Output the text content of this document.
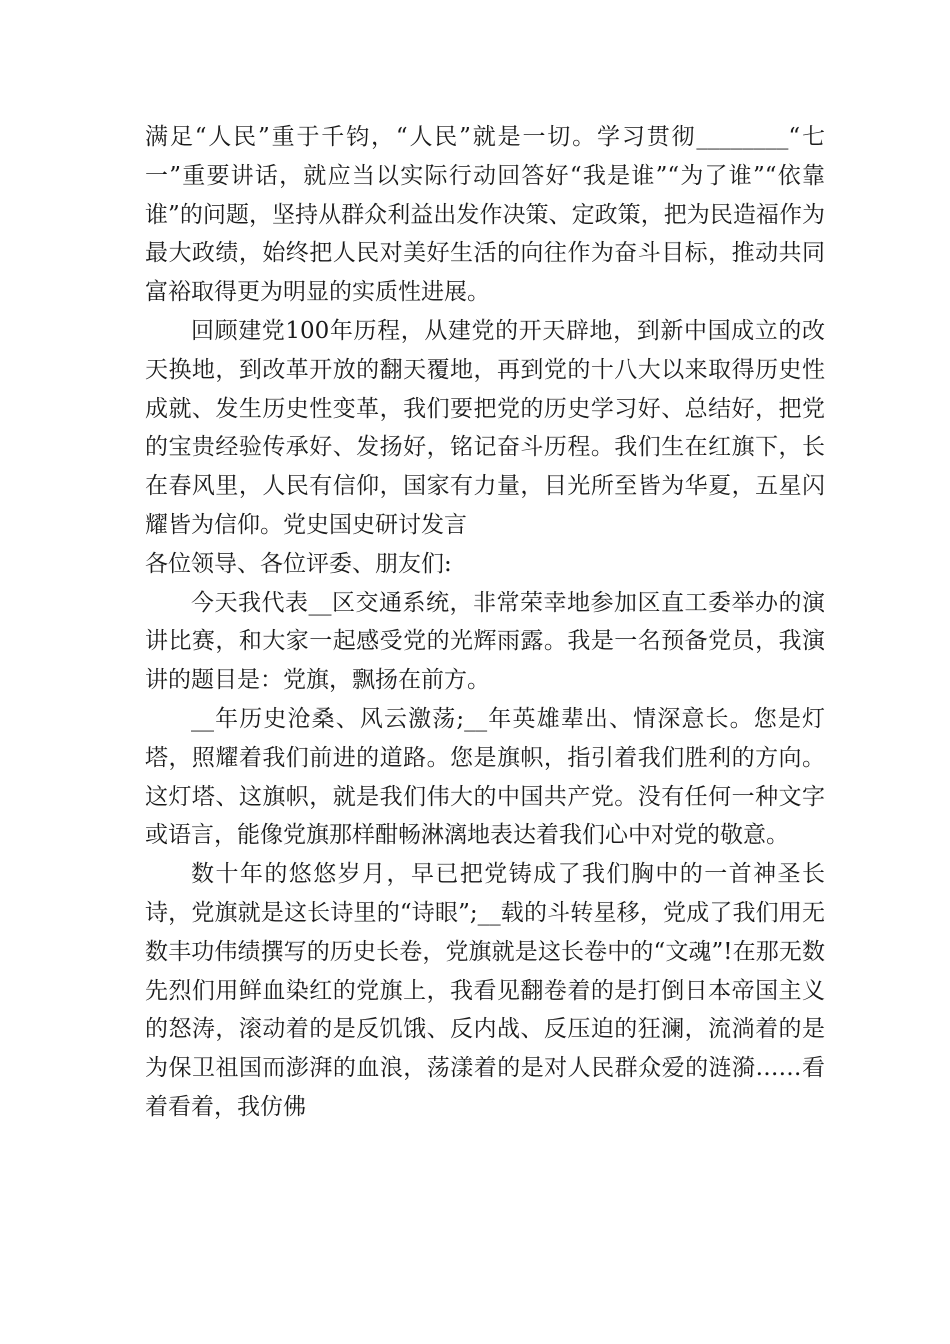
满足“人民”重于千钧，“人民”就是一切。学习贯彻________“七一”重要讲话，就应当以实际行动回答好“我是谁”“为了谁”“依靠谁”的问题，坚持从群众利益出发作决策、定政策，把为民造福作为最大政绩，始终把人民对美好生活的向往作为奋斗目标，推动共同富裕取得更为明显的实质性进展。

回顾建党100年历程，从建党的开天辟地，到新中国成立的改天换地，到改革开放的翻天覆地，再到党的十八大以来取得历史性成就、发生历史性变革，我们要把党的历史学习好、总结好，把党的宝贵经验传承好、发扬好，铭记奋斗历程。我们生在红旗下，长在春风里，人民有信仰，国家有力量，目光所至皆为华夏，五星闪耀皆为信仰。党史国史研讨发言

各位领导、各位评委、朋友们:

今天我代表__区交通系统，非常荣幸地参加区直工委举办的演讲比赛，和大家一起感受党的光辉雨露。我是一名预备党员，我演讲的题目是：党旗，飘扬在前方。

__年历史沧桑、风云激荡;__年英雄辈出、情深意长。您是灯塔，照耀着我们前进的道路。您是旗帜，指引着我们胜利的方向。这灯塔、这旗帜，就是我们伟大的中国共产党。没有任何一种文字或语言，能像党旗那样酣畅淋漓地表达着我们心中对党的敬意。

数十年的悠悠岁月，早已把党铸成了我们胸中的一首神圣长诗，党旗就是这长诗里的“诗眼”;__载的斗转星移，党成了我们用无数丰功伟绩撰写的历史长卷，党旗就是这长卷中的“文魂”!在那无数先烈们用鲜血染红的党旗上，我看见翻卷着的是打倒日本帝国主义的怒涛，滚动着的是反饥饿、反内战、反压迫的狂澜，流淌着的是为保卫祖国而澎湃的血浪，荡漾着的是对人民群众爱的涟漪……看着看着，我仿佛
